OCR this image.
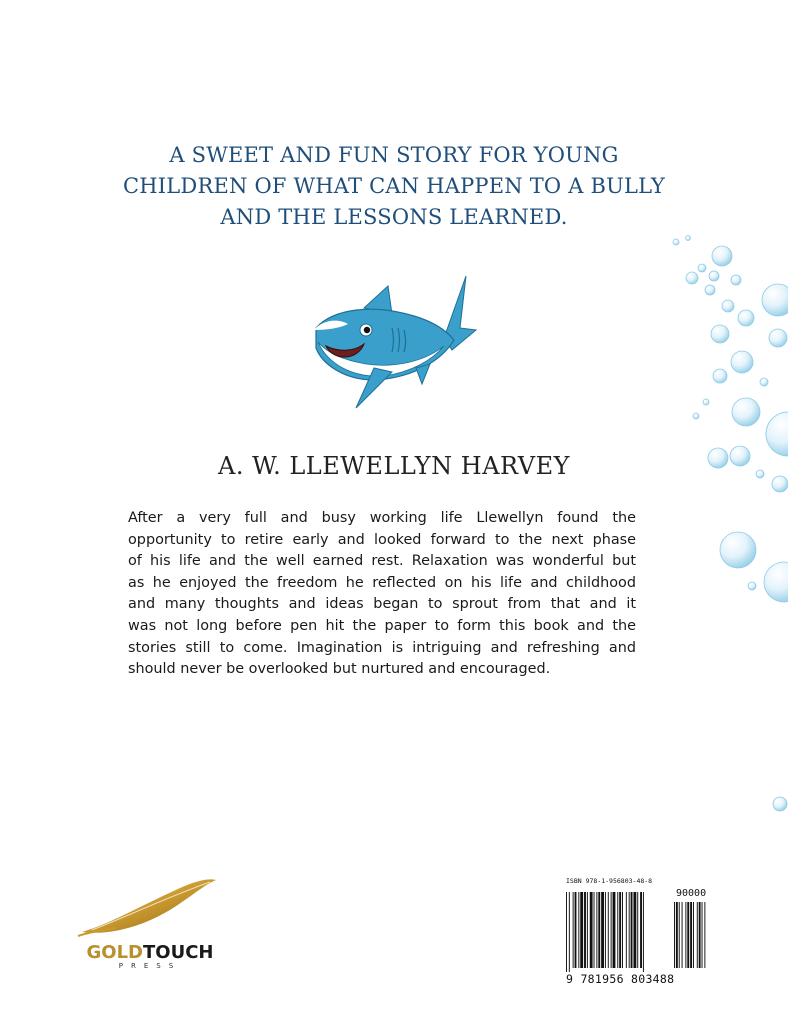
A SWEET AND FUN STORY FOR YOUNG
CHILDREN OF WHAT CAN HAPPEN TO A BULLY
AND THE LESSONS LEARNED.
A. W. LLEWELLYN HARVEY
After a very full and busy working life Llewellyn found the
opportunity to retire early and looked forward to the next phase
of his life and the well earned rest. Relaxation was wonderful but
as he enjoyed the freedom he reflected on his life and childhood
and many thoughts and ideas began to sprout from that and it
was not long before pen hit the paper to form this book and the
stories still to come. Imagination is intriguing and refreshing and
should never be overlooked but nurtured and encouraged.
GOLDTOUCH
PRESS
ISBN 978-1-956803-48-8
90000
9 781956 803488
